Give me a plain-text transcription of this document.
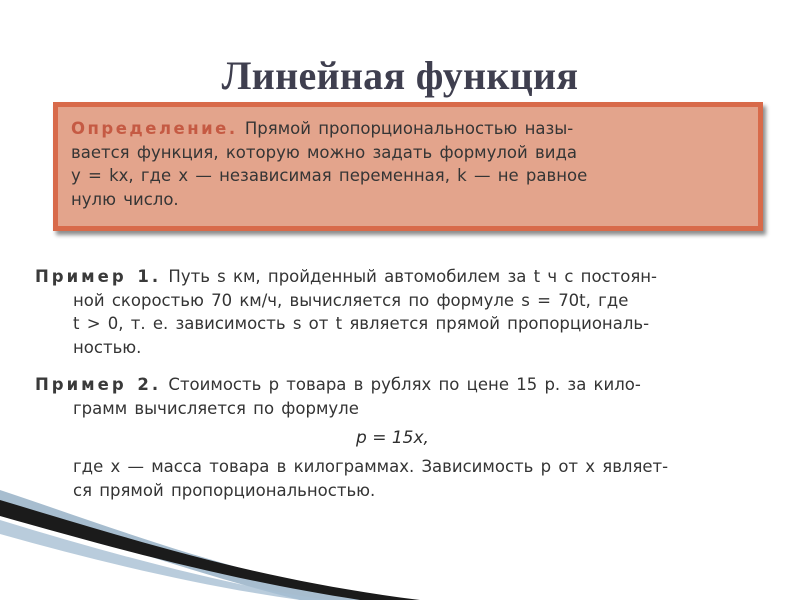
Линейная функция
Определение. Прямой пропорциональностью назы-
вается функция, которую можно задать формулой вида
y = kx, где x — независимая переменная, k — не равное
нулю число.
Пример 1. Путь s км, пройденный автомобилем за t ч с постоян-
ной скоростью 70 км/ч, вычисляется по формуле s = 70t, где
t > 0, т. е. зависимость s от t является прямой пропорциональ-
ностью.
Пример 2. Стоимость p товара в рублях по цене 15 р. за кило-
грамм вычисляется по формуле
p = 15x,
где x — масса товара в килограммах. Зависимость p от x являет-
ся прямой пропорциональностью.
